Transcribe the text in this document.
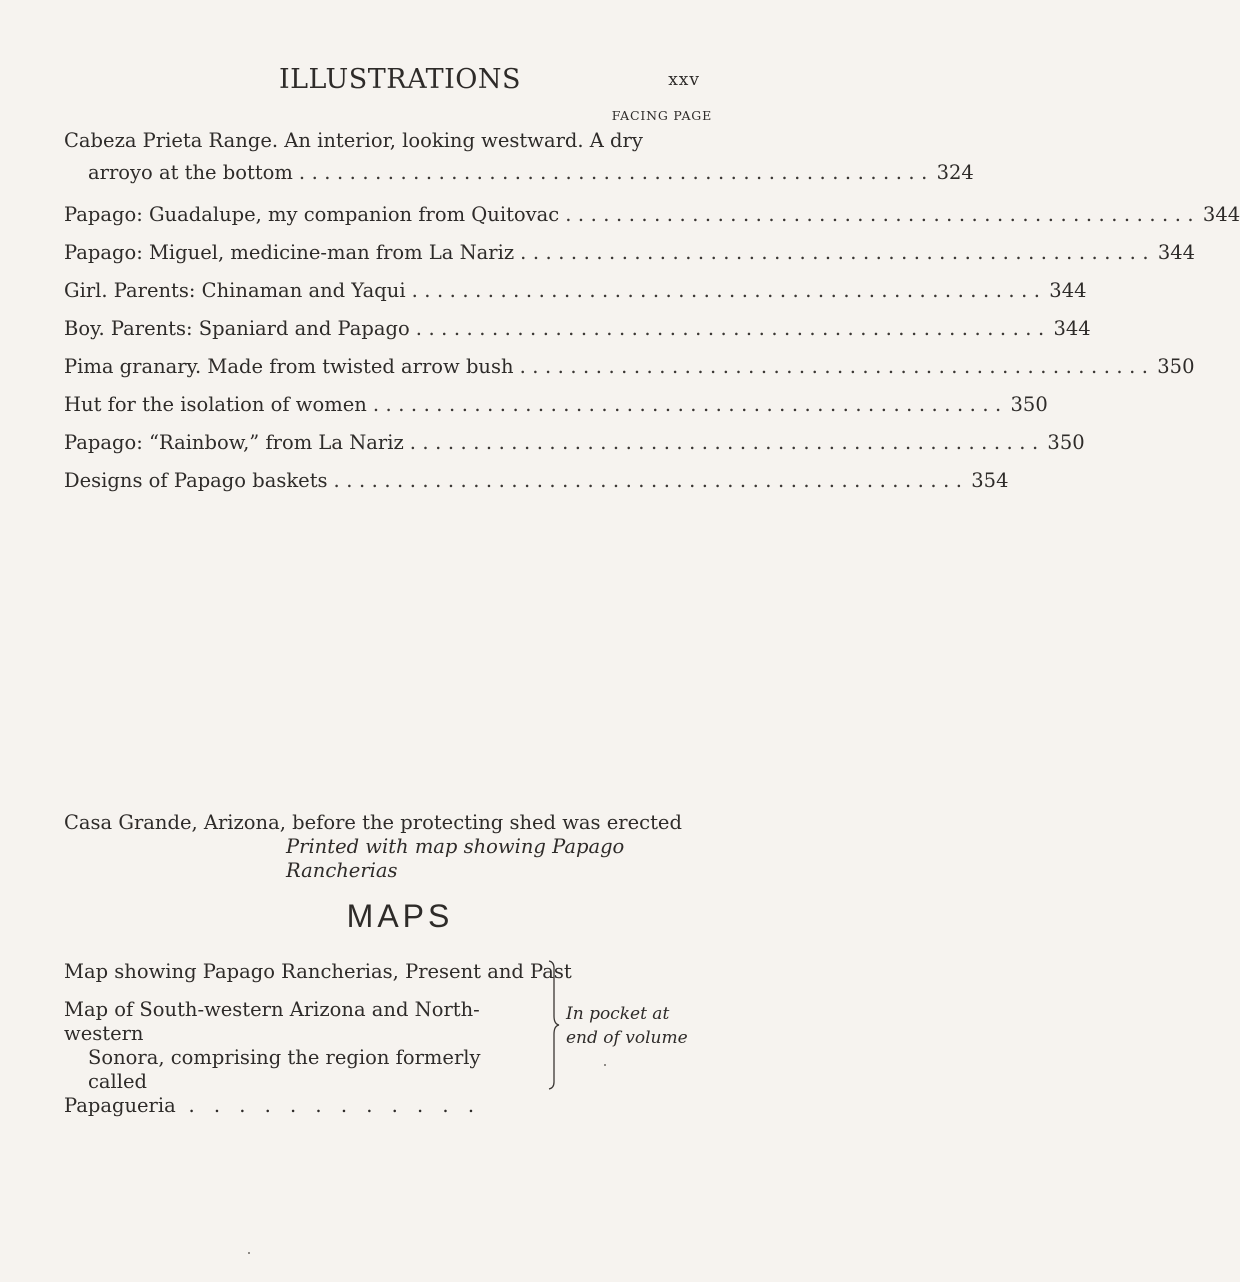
ILLUSTRATIONS	xxv
FACING PAGE
Cabeza Prieta Range. An interior, looking westward. A dry
arroyo at the bottom .................................................. 324
Papago: Guadalupe, my companion from Quitovac .................................................. 344
Papago: Miguel, medicine-man from La Nariz .................................................. 344
Girl. Parents: Chinaman and Yaqui .................................................. 344
Boy. Parents: Spaniard and Papago .................................................. 344
Pima granary. Made from twisted arrow bush .................................................. 350
Hut for the isolation of women .................................................. 350
Papago: “Rainbow,” from La Nariz .................................................. 350
Designs of Papago baskets .................................................. 354
Casa Grande, Arizona, before the protecting shed was erected
Printed with map showing Papago Rancherias
MAPS
Map showing Papago Rancherias, Present and Past
Map of South-western Arizona and North-western
Sonora, comprising the region formerly called
Papagueria . . . . . . . . . . . .
In pocket at
end of volume
